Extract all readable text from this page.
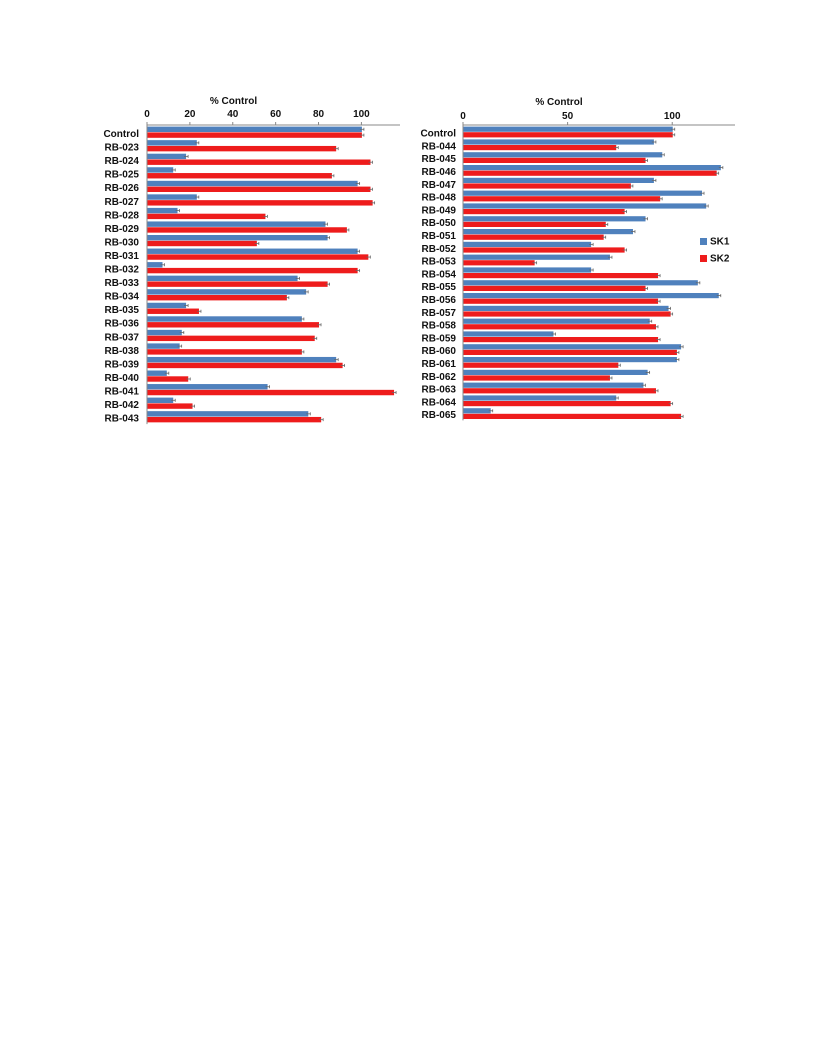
% Control
0	20	40	60	80	100
Control
RB-023
RB-024
RB-025
RB-026
RB-027
RB-028
RB-029
RB-030
RB-031
RB-032
RB-033
RB-034
RB-035
RB-036
RB-037
RB-038
RB-039
RB-040
RB-041
RB-042
RB-043
% Control
0	50	100
Control
RB-044
RB-045
RB-046
RB-047
RB-048
RB-049
RB-050
RB-051
RB-052
RB-053
RB-054
RB-055
RB-056
RB-057
RB-058
RB-059
RB-060
RB-061
RB-062
RB-063
RB-064
RB-065
SK1
SK2
